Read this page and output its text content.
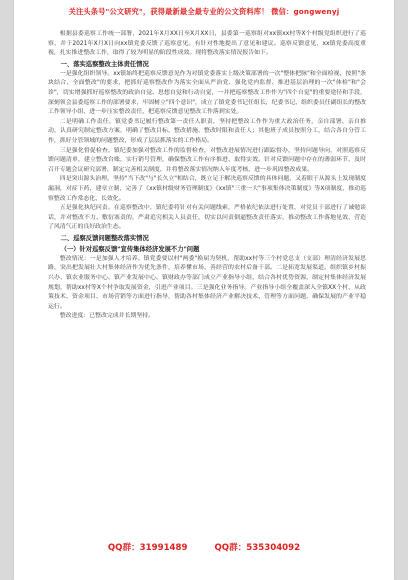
关注头条号"公文研究"，获得最新最全最专业的公文资料库！ 微信：gongwenyj

根据县委巡察工作统一部署，2021年X月XX日至X月XX日，县委第一巡察组对xx镇xx村等X个村级党组织进行了巡察，并于2021年X月X日向xx镇党委反馈了巡察意见。有针对性地提出了意见和建议。巡察反馈意见，xx镇党委高度重视，扎实推进整改工作，取得了较为明显的阶段性成效。现将整改落实情况报告如下。

一、落实巡察整改主体责任情况

一是强化组织领导。xx镇始终把巡察反馈意见作为对镇党委落实上级决策部署的一次"整体把脉"和全面检视，按照"条块结合、全面整改"的要求，把抓好巡察整改作为落实全面从严治党、强化党内监督、推进基层治理的一次"体检"和"会诊"，切实增强抓好巡察整改的政治自觉、思想自觉和行动自觉，一并把巡察整改工作作为"四个自觉"的重要途径和手段，深刻领会县委巡察工作的部署要求，牢固树立"四个意识"，成立了镇党委书记任组长，纪委书记、组织委员任副组长的整改工作领导小组，进一步压实整改责任，把巡察反馈意见整改工作落到实处。

二是明确工作责任。镇党委书记履行整改第一责任人职责，坚持把整改工作作为重大政治任务，亲自部署、亲自推动，认真研究制定整改方案，明确了整改目标、整改措施、整改时限和责任人；其他班子成员按照分工，结合各自分管工作，抓好分管领域的问题整改，形成了层层抓落实的工作格局。

三是强化督促检查。镇纪委加强对整改工作的监督检查，对整改进展情况进行跟踪督办，坚持问题导向，对照巡察反馈问题清单，建立整改台账，实行销号管理，确保整改工作有序推进、取得实效。针对反馈问题中存在的薄弱环节，及时召开专题会议研究部署，制定完善相关制度，并将整改落实情况纳入年度考核，进一步巩固整改成果。

四是突出源头治理。坚持"当下改"与"长久立"相结合，既立足于解决巡察反馈的具体问题，又着眼于从源头上发现制度漏洞，对症下药，建章立制，完善了《xx镇村级财务管理制度》《xx镇"三重一大"事项集体决策制度》等X项制度，推动巡察整改工作常态化、长效化。

五是强化执纪问责。在巡察整改中，镇纪委将针对有关问题线索，严格依纪依法进行处置，对党员干部进行了诫勉谈话，并对整改不力、敷衍塞责的，严肃追究相关人员责任，切实以问责倒逼整改责任落实，推动整改工作落地见效，营造了风清气正的良好政治生态。

二、巡察反馈问题整改落实情况
（一）针对巡察反馈"宣传集体经济发展不力"问题

整改情况：一是加强人才培养。镇党委要以村"两委"换届为契机，帮助xx村等三个村党总支（支部）理清经济发展思路，突出把发展壮大村集体经济作为优先条件，培养懂市场、善经营的农村后备干部。二是拓宽发展渠道。组织镇乡村振兴办、镇农业服务中心、镇产业发展中心、镇财政办等部门成立产业指导小组，结合各村优势资源，制定村集体经济发展规划，帮助xx村等X个村争取发展资金，引进产业项目。三是强化业务指导。产业指导小组全覆盖深入全镇XX个村，从政策技术、资金项目、市场营销等方面进行指导，帮助各村集体经济产业解决技术、管理等方面问题，确保发展的产业平稳运行。

整改进度：已整改完成并长期坚持。

QQ群：31991489	QQ群：535304092
